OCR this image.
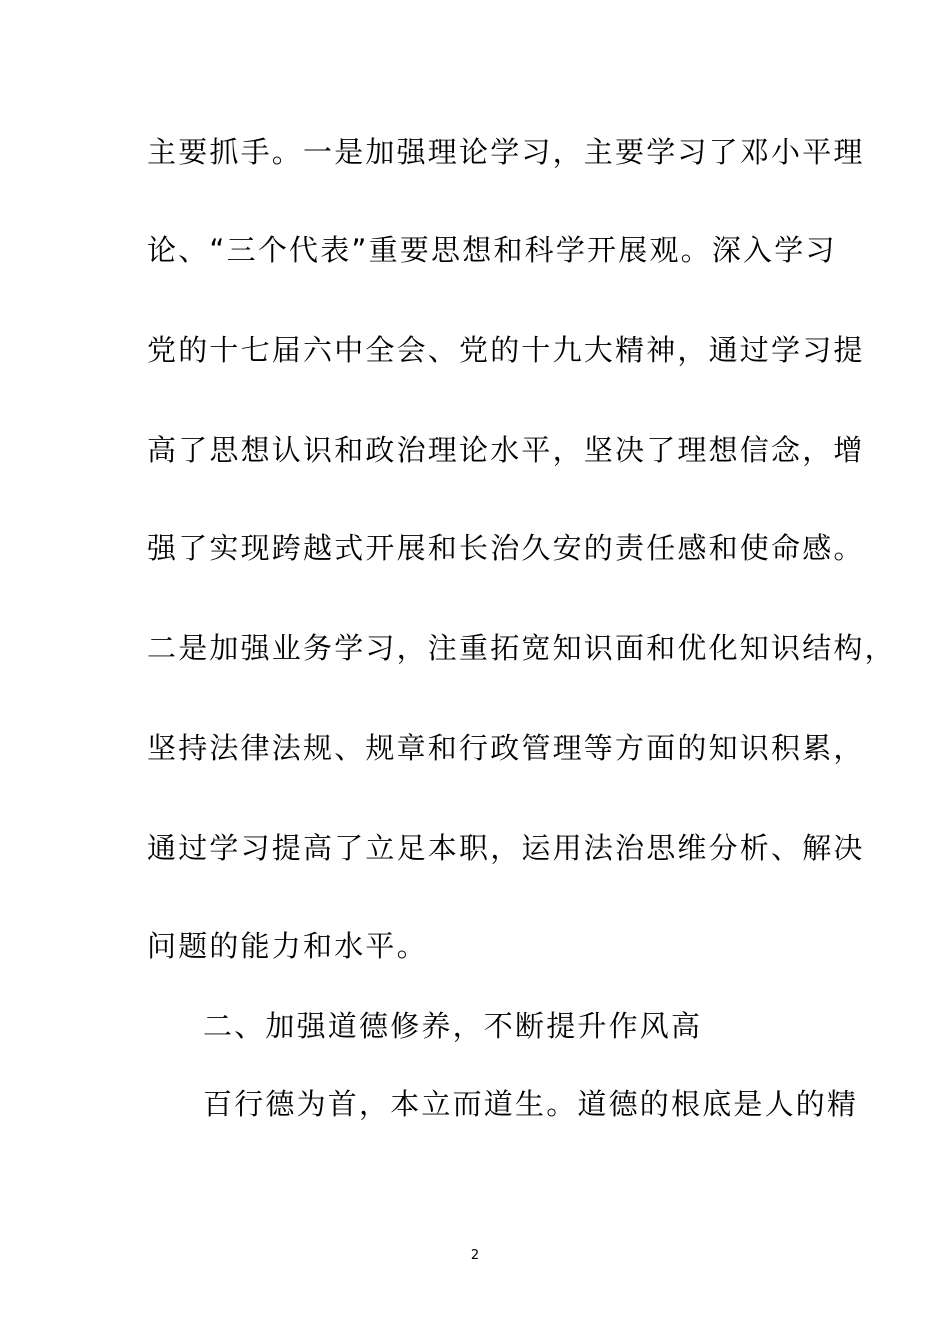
主要抓手。一是加强理论学习，主要学习了邓小平理
论、“三个代表”重要思想和科学开展观。深入学习
党的十七届六中全会、党的十九大精神，通过学习提
高了思想认识和政治理论水平，坚决了理想信念，增
强了实现跨越式开展和长治久安的责任感和使命感。
二是加强业务学习，注重拓宽知识面和优化知识结构，
坚持法律法规、规章和行政管理等方面的知识积累，
通过学习提高了立足本职，运用法治思维分析、解决
问题的能力和水平。
二、加强道德修养，不断提升作风高
百行德为首，本立而道生。道德的根底是人的精
2
